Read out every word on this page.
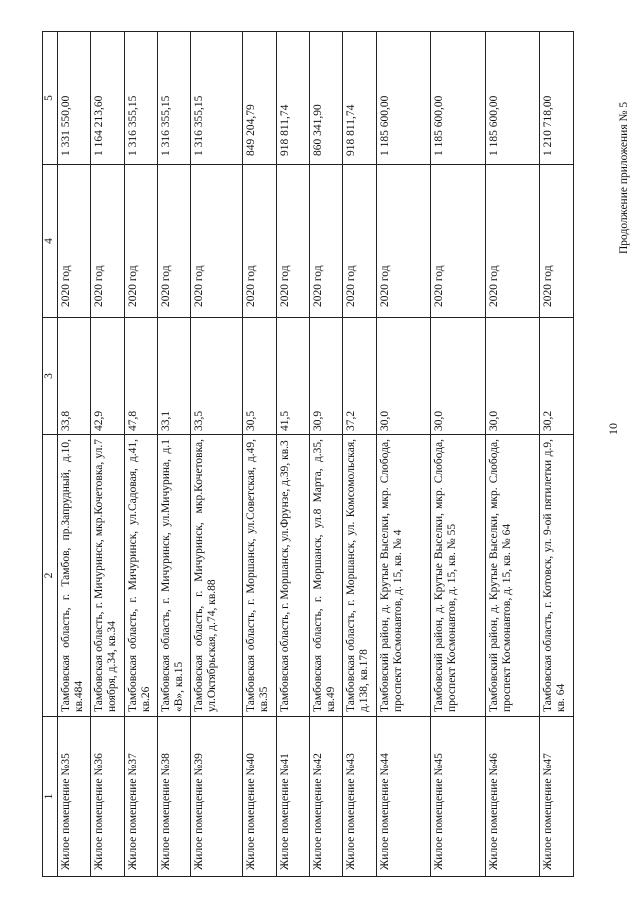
10
Продолжение приложения № 5
1	2	3	4	5
Жилое помещение №35	Тамбовская область, г. Тамбов, пр.Запрудный, д.10, кв.484	33,8	2020 год	1 331 550,00
Жилое помещение №36	Тамбовская область, г. Мичуринск, мкр.Кочетовка, ул.7 ноября, д.34, кв.34	42,9	2020 год	1 164 213,60
Жилое помещение №37	Тамбовская область, г. Мичуринск, ул.Садовая, д.41, кв.26	47,8	2020 год	1 316 355,15
Жилое помещение №38	Тамбовская область, г. Мичуринск, ул.Мичурина, д.1 «В», кв.15	33,1	2020 год	1 316 355,15
Жилое помещение №39	Тамбовская область, г. Мичуринск, мкр.Кочетовка, ул.Октябрьская, д.74, кв.88	33,5	2020 год	1 316 355,15
Жилое помещение №40	Тамбовская область, г. Моршанск, ул.Советская, д.49, кв.35	30,5	2020 год	849 204,79
Жилое помещение №41	Тамбовская область, г. Моршанск, ул.Фрунзе, д.39, кв.3	41,5	2020 год	918 811,74
Жилое помещение №42	Тамбовская область, г. Моршанск, ул.8 Марта, д.35, кв.49	30,9	2020 год	860 341,90
Жилое помещение №43	Тамбовская область, г. Моршанск, ул. Комсомольская, д.138, кв.178	37,2	2020 год	918 811,74
Жилое помещение №44	Тамбовский район, д. Крутые Выселки, мкр. Слобода, проспект Космонавтов, д. 15, кв. № 4	30,0	2020 год	1 185 600,00
Жилое помещение №45	Тамбовский район, д. Крутые Выселки, мкр. Слобода, проспект Космонавтов, д. 15, кв. № 55	30,0	2020 год	1 185 600,00
Жилое помещение №46	Тамбовский район, д. Крутые Выселки, мкр. Слобода, проспект Космонавтов, д. 15, кв. № 64	30,0	2020 год	1 185 600,00
Жилое помещение №47	Тамбовская область, г. Котовск, ул. 9-ой пятилетки д.9, кв. 64	30,2	2020 год	1 210 718,00
